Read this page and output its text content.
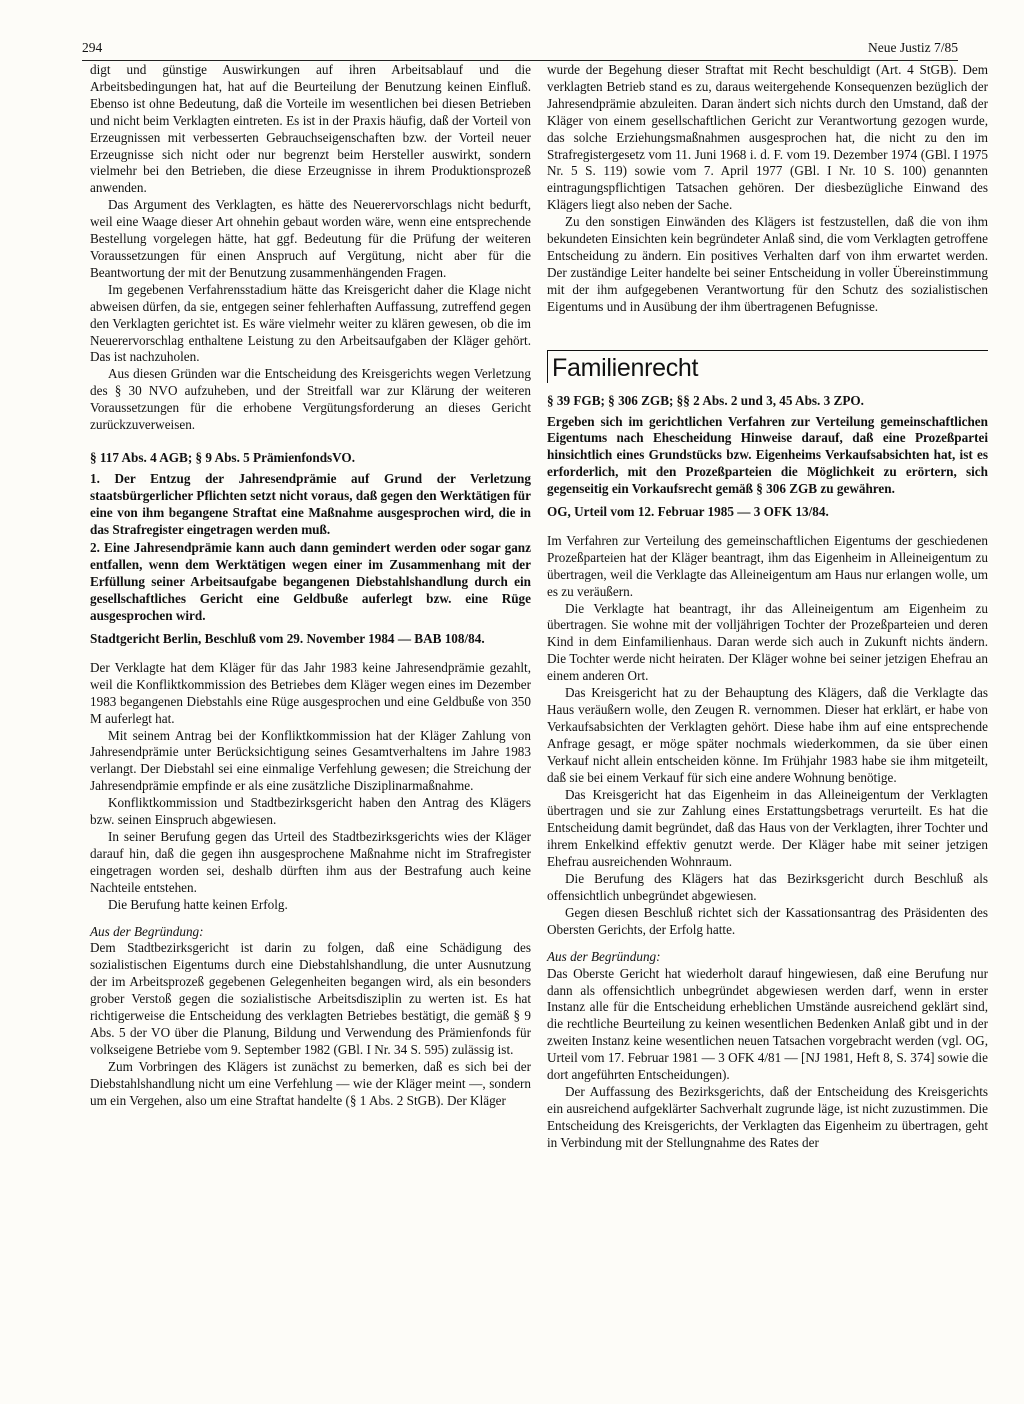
294	Neue Justiz 7/85

digt und günstige Auswirkungen auf ihren Arbeitsablauf und die Arbeitsbedingungen hat, hat auf die Beurteilung der Benutzung keinen Einfluß. Ebenso ist ohne Bedeutung, daß die Vorteile im wesentlichen bei diesen Betrieben und nicht beim Verklagten eintreten. Es ist in der Praxis häufig, daß der Vorteil von Erzeugnissen mit verbesserten Gebrauchseigenschaften bzw. der Vorteil neuer Erzeugnisse sich nicht oder nur begrenzt beim Hersteller auswirkt, sondern vielmehr bei den Betrieben, die diese Erzeugnisse in ihrem Produktionsprozeß anwenden.

Das Argument des Verklagten, es hätte des Neuerervorschlags nicht bedurft, weil eine Waage dieser Art ohnehin gebaut worden wäre, wenn eine entsprechende Bestellung vorgelegen hätte, hat ggf. Bedeutung für die Prüfung der weiteren Voraussetzungen für einen Anspruch auf Vergütung, nicht aber für die Beantwortung der mit der Benutzung zusammenhängenden Fragen.

Im gegebenen Verfahrensstadium hätte das Kreisgericht daher die Klage nicht abweisen dürfen, da sie, entgegen seiner fehlerhaften Auffassung, zutreffend gegen den Verklagten gerichtet ist. Es wäre vielmehr weiter zu klären gewesen, ob die im Neuerervorschlag enthaltene Leistung zu den Arbeitsaufgaben der Kläger gehört. Das ist nachzuholen.

Aus diesen Gründen war die Entscheidung des Kreisgerichts wegen Verletzung des § 30 NVO aufzuheben, und der Streitfall war zur Klärung der weiteren Voraussetzungen für die erhobene Vergütungsforderung an dieses Gericht zurückzuverweisen.

§ 117 Abs. 4 AGB; § 9 Abs. 5 PrämienfondsVO.

1. Der Entzug der Jahresendprämie auf Grund der Verletzung staatsbürgerlicher Pflichten setzt nicht voraus, daß gegen den Werktätigen für eine von ihm begangene Straftat eine Maßnahme ausgesprochen wird, die in das Strafregister eingetragen werden muß.

2. Eine Jahresendprämie kann auch dann gemindert werden oder sogar ganz entfallen, wenn dem Werktätigen wegen einer im Zusammenhang mit der Erfüllung seiner Arbeitsaufgabe begangenen Diebstahlshandlung durch ein gesellschaftliches Gericht eine Geldbuße auferlegt bzw. eine Rüge ausgesprochen wird.

Stadtgericht Berlin, Beschluß vom 29. November 1984 — BAB 108/84.

Der Verklagte hat dem Kläger für das Jahr 1983 keine Jahresendprämie gezahlt, weil die Konfliktkommission des Betriebes dem Kläger wegen eines im Dezember 1983 begangenen Diebstahls eine Rüge ausgesprochen und eine Geldbuße von 350 M auferlegt hat.

Mit seinem Antrag bei der Konfliktkommission hat der Kläger Zahlung von Jahresendprämie unter Berücksichtigung seines Gesamtverhaltens im Jahre 1983 verlangt. Der Diebstahl sei eine einmalige Verfehlung gewesen; die Streichung der Jahresendprämie empfinde er als eine zusätzliche Disziplinarmaßnahme.

Konfliktkommission und Stadtbezirksgericht haben den Antrag des Klägers bzw. seinen Einspruch abgewiesen.

In seiner Berufung gegen das Urteil des Stadtbezirksgerichts wies der Kläger darauf hin, daß die gegen ihn ausgesprochene Maßnahme nicht im Strafregister eingetragen worden sei, deshalb dürften ihm aus der Bestrafung auch keine Nachteile entstehen.

Die Berufung hatte keinen Erfolg.

Aus der Begründung:

Dem Stadtbezirksgericht ist darin zu folgen, daß eine Schädigung des sozialistischen Eigentums durch eine Diebstahlshandlung, die unter Ausnutzung der im Arbeitsprozeß gegebenen Gelegenheiten begangen wird, als ein besonders grober Verstoß gegen die sozialistische Arbeitsdisziplin zu werten ist. Es hat richtigerweise die Entscheidung des verklagten Betriebes bestätigt, die gemäß § 9 Abs. 5 der VO über die Planung, Bildung und Verwendung des Prämienfonds für volkseigene Betriebe vom 9. September 1982 (GBl. I Nr. 34 S. 595) zulässig ist.

Zum Vorbringen des Klägers ist zunächst zu bemerken, daß es sich bei der Diebstahlshandlung nicht um eine Verfehlung — wie der Kläger meint —, sondern um ein Vergehen, also um eine Straftat handelte (§ 1 Abs. 2 StGB). Der Kläger

wurde der Begehung dieser Straftat mit Recht beschuldigt (Art. 4 StGB). Dem verklagten Betrieb stand es zu, daraus weitergehende Konsequenzen bezüglich der Jahresendprämie abzuleiten. Daran ändert sich nichts durch den Umstand, daß der Kläger von einem gesellschaftlichen Gericht zur Verantwortung gezogen wurde, das solche Erziehungsmaßnahmen ausgesprochen hat, die nicht zu den im Strafregistergesetz vom 11. Juni 1968 i. d. F. vom 19. Dezember 1974 (GBl. I 1975 Nr. 5 S. 119) sowie vom 7. April 1977 (GBl. I Nr. 10 S. 100) genannten eintragungspflichtigen Tatsachen gehören. Der diesbezügliche Einwand des Klägers liegt also neben der Sache.

Zu den sonstigen Einwänden des Klägers ist festzustellen, daß die von ihm bekundeten Einsichten kein begründeter Anlaß sind, die vom Verklagten getroffene Entscheidung zu ändern. Ein positives Verhalten darf von ihm erwartet werden. Der zuständige Leiter handelte bei seiner Entscheidung in voller Übereinstimmung mit der ihm aufgegebenen Verantwortung für den Schutz des sozialistischen Eigentums und in Ausübung der ihm übertragenen Befugnisse.

Familienrecht

§ 39 FGB; § 306 ZGB; §§ 2 Abs. 2 und 3, 45 Abs. 3 ZPO.

Ergeben sich im gerichtlichen Verfahren zur Verteilung gemeinschaftlichen Eigentums nach Ehescheidung Hinweise darauf, daß eine Prozeßpartei hinsichtlich eines Grundstücks bzw. Eigenheims Verkaufsabsichten hat, ist es erforderlich, mit den Prozeßparteien die Möglichkeit zu erörtern, sich gegenseitig ein Vorkaufsrecht gemäß § 306 ZGB zu gewähren.

OG, Urteil vom 12. Februar 1985 — 3 OFK 13/84.

Im Verfahren zur Verteilung des gemeinschaftlichen Eigentums der geschiedenen Prozeßparteien hat der Kläger beantragt, ihm das Eigenheim in Alleineigentum zu übertragen, weil die Verklagte das Alleineigentum am Haus nur erlangen wolle, um es zu veräußern.

Die Verklagte hat beantragt, ihr das Alleineigentum am Eigenheim zu übertragen. Sie wohne mit der volljährigen Tochter der Prozeßparteien und deren Kind in dem Einfamilienhaus. Daran werde sich auch in Zukunft nichts ändern. Die Tochter werde nicht heiraten. Der Kläger wohne bei seiner jetzigen Ehefrau an einem anderen Ort.

Das Kreisgericht hat zu der Behauptung des Klägers, daß die Verklagte das Haus veräußern wolle, den Zeugen R. vernommen. Dieser hat erklärt, er habe von Verkaufsabsichten der Verklagten gehört. Diese habe ihm auf eine entsprechende Anfrage gesagt, er möge später nochmals wiederkommen, da sie über einen Verkauf nicht allein entscheiden könne. Im Frühjahr 1983 habe sie ihm mitgeteilt, daß sie bei einem Verkauf für sich eine andere Wohnung benötige.

Das Kreisgericht hat das Eigenheim in das Alleineigentum der Verklagten übertragen und sie zur Zahlung eines Erstattungsbetrags verurteilt. Es hat die Entscheidung damit begründet, daß das Haus von der Verklagten, ihrer Tochter und ihrem Enkelkind effektiv genutzt werde. Der Kläger habe mit seiner jetzigen Ehefrau ausreichenden Wohnraum.

Die Berufung des Klägers hat das Bezirksgericht durch Beschluß als offensichtlich unbegründet abgewiesen.

Gegen diesen Beschluß richtet sich der Kassationsantrag des Präsidenten des Obersten Gerichts, der Erfolg hatte.

Aus der Begründung:

Das Oberste Gericht hat wiederholt darauf hingewiesen, daß eine Berufung nur dann als offensichtlich unbegründet abgewiesen werden darf, wenn in erster Instanz alle für die Entscheidung erheblichen Umstände ausreichend geklärt sind, die rechtliche Beurteilung zu keinen wesentlichen Bedenken Anlaß gibt und in der zweiten Instanz keine wesentlichen neuen Tatsachen vorgebracht werden (vgl. OG, Urteil vom 17. Februar 1981 — 3 OFK 4/81 — [NJ 1981, Heft 8, S. 374] sowie die dort angeführten Entscheidungen).

Der Auffassung des Bezirksgerichts, daß der Entscheidung des Kreisgerichts ein ausreichend aufgeklärter Sachverhalt zugrunde läge, ist nicht zuzustimmen. Die Entscheidung des Kreisgerichts, der Verklagten das Eigenheim zu übertragen, geht in Verbindung mit der Stellungnahme des Rates der
